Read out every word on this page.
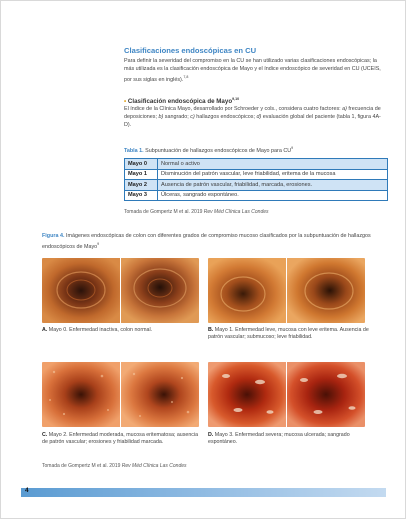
Clasificaciones endoscópicas en CU
Para definir la severidad del compromiso en la CU se han utilizado varias clasificaciones endoscópicas; la más utilizada es la clasificación endoscópica de Mayo y el índice endoscópico de severidad en CU (UCEIS, por sus siglas en inglés).$^{7,8}$
• Clasificación endoscópica de Mayo$^{9,10}$
El índice de la Clínica Mayo, desarrollado por Schroeder y cols., considera cuatro factores: a) frecuencia de deposiciones; b) sangrado; c) hallazgos endoscópicos; d) evaluación global del paciente (tabla 1, figura 4A-D).
Tabla 1. Subpuntuación de hallazgos endoscópicos de Mayo para $CU^9$
Mayo 0	Normal o activo
Mayo 1	Disminución del patrón vascular, leve friabilidad, eritema de la mucosa
Mayo 2	Ausencia de patrón vascular, friabilidad, marcada, erosiones.
Mayo 3	Úlceras, sangrado espontáneo.
Tomada de Gompertz M et al. 2019 Rev Méd Clínica Las Condes
Figura 4. Imágenes endoscópicas de colon con diferentes grados de compromiso mucoso clasificados por la subpuntuación de hallazgos endoscópicos de Mayo$^9$
A. Mayo 0. Enfermedad inactiva, colon normal.	B. Mayo 1. Enfermedad leve, mucosa con leve eritema. Ausencia de patrón vascular; submucoso; leve friabilidad.
C. Mayo 2. Enfermedad moderada, mucosa eritematosa; ausencia de patrón vascular; erosiones y friabilidad marcada.
D. Mayo 3. Enfermedad severa; mucosa ulcerada; sangrado espontáneo.
Tomada de Gompertz M et al. 2019 Rev Méd Clínica Las Condes
4
